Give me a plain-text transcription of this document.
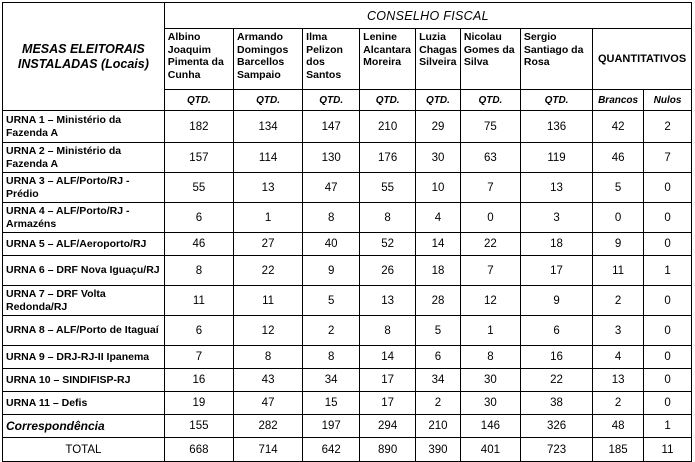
MESAS ELEITORAIS INSTALADAS (Locais)	CONSELHO FISCAL								
	Albino Joaquim Pimenta da Cunha	Armando Domingos Barcellos Sampaio	Ilma Pelizon dos Santos	Lenine Alcantara Moreira	Luzia Chagas Silveira	Nicolau Gomes da Silva	Sergio Santiago da Rosa	QUANTITATIVOS	
	QTD.	QTD.	QTD.	QTD.	QTD.	QTD.	QTD.	Brancos	Nulos
URNA 1 – Ministério da Fazenda A	182	134	147	210	29	75	136	42	2
URNA 2 – Ministério da Fazenda A	157	114	130	176	30	63	119	46	7
URNA 3 – ALF/Porto/RJ - Prédio	55	13	47	55	10	7	13	5	0
URNA 4 – ALF/Porto/RJ - Armazéns	6	1	8	8	4	0	3	0	0
URNA 5 – ALF/Aeroporto/RJ	46	27	40	52	14	22	18	9	0
URNA 6 – DRF Nova Iguaçu/RJ	8	22	9	26	18	7	17	11	1
URNA 7 – DRF Volta Redonda/RJ	11	11	5	13	28	12	9	2	0
URNA 8 – ALF/Porto de Itaguaí	6	12	2	8	5	1	6	3	0
URNA 9 – DRJ-RJ-II Ipanema	7	8	8	14	6	8	16	4	0
URNA 10 – SINDIFISP-RJ	16	43	34	17	34	30	22	13	0
URNA 11 – Defis	19	47	15	17	2	30	38	2	0
Correspondência	155	282	197	294	210	146	326	48	1
TOTAL	668	714	642	890	390	401	723	185	11
